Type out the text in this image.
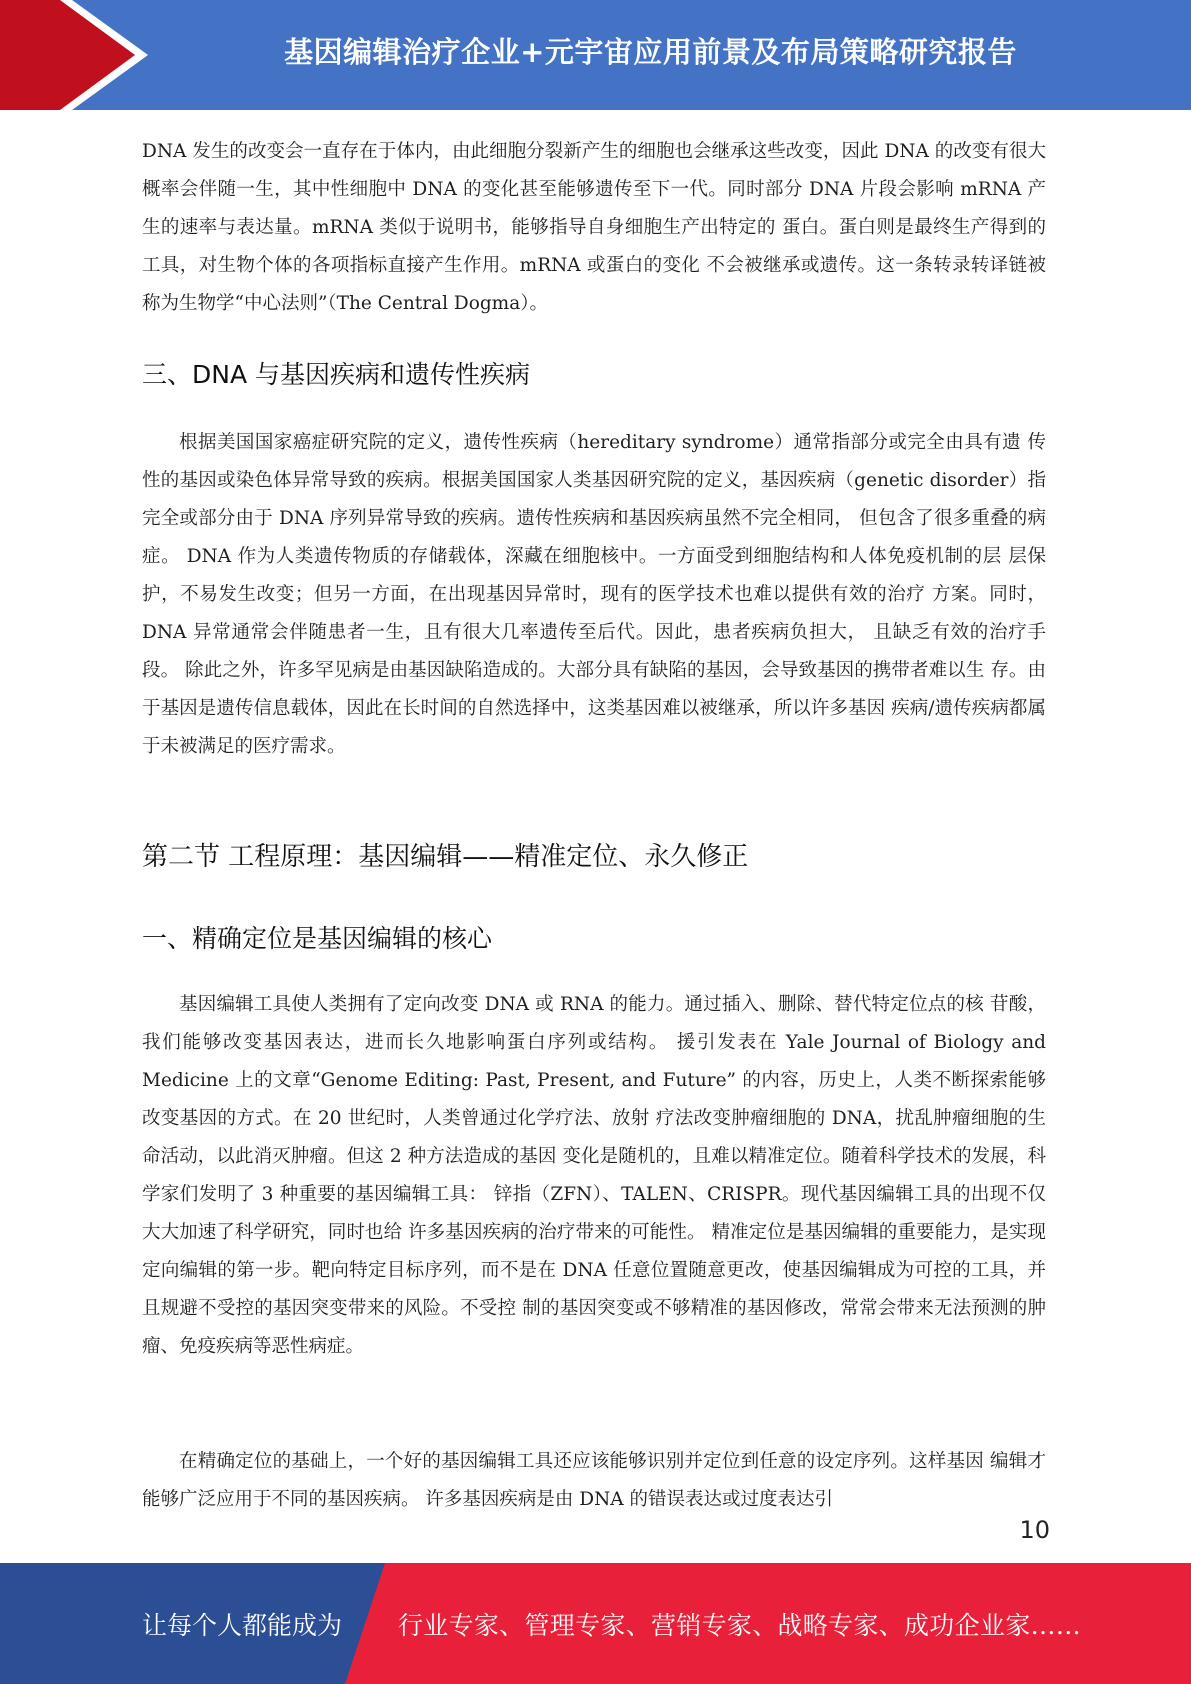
基因编辑治疗企业+元宇宙应用前景及布局策略研究报告

DNA 发生的改变会一直存在于体内，由此细胞分裂新产生的细胞也会继承这些改变，因此 DNA 的改变有很大概率会伴随一生，其中性细胞中 DNA 的变化甚至能够遗传至下一代。同时部分 DNA 片段会影响 mRNA 产生的速率与表达量。mRNA 类似于说明书，能够指导自身细胞生产出特定的 蛋白。蛋白则是最终生产得到的工具，对生物个体的各项指标直接产生作用。mRNA 或蛋白的变化 不会被继承或遗传。这一条转录转译链被称为生物学“中心法则”（The Central Dogma）。

三、DNA 与基因疾病和遗传性疾病

根据美国国家癌症研究院的定义，遗传性疾病（hereditary syndrome）通常指部分或完全由具有遗 传性的基因或染色体异常导致的疾病。根据美国国家人类基因研究院的定义，基因疾病（genetic disorder）指完全或部分由于 DNA 序列异常导致的疾病。遗传性疾病和基因疾病虽然不完全相同， 但包含了很多重叠的病症。 DNA 作为人类遗传物质的存储载体，深藏在细胞核中。一方面受到细胞结构和人体免疫机制的层 层保护，不易发生改变；但另一方面，在出现基因异常时，现有的医学技术也难以提供有效的治疗 方案。同时，DNA 异常通常会伴随患者一生，且有很大几率遗传至后代。因此，患者疾病负担大， 且缺乏有效的治疗手段。 除此之外，许多罕见病是由基因缺陷造成的。大部分具有缺陷的基因，会导致基因的携带者难以生 存。由于基因是遗传信息载体，因此在长时间的自然选择中，这类基因难以被继承，所以许多基因 疾病/遗传疾病都属于未被满足的医疗需求。

第二节 工程原理：基因编辑——精准定位、永久修正
一、精确定位是基因编辑的核心

基因编辑工具使人类拥有了定向改变 DNA 或 RNA 的能力。通过插入、删除、替代特定位点的核 苷酸，我们能够改变基因表达，进而长久地影响蛋白序列或结构。 援引发表在 Yale Journal of Biology and Medicine 上的文章“Genome Editing: Past, Present, and Future” 的内容，历史上，人类不断探索能够改变基因的方式。在 20 世纪时，人类曾通过化学疗法、放射 疗法改变肿瘤细胞的 DNA，扰乱肿瘤细胞的生命活动，以此消灭肿瘤。但这 2 种方法造成的基因 变化是随机的，且难以精准定位。随着科学技术的发展，科学家们发明了 3 种重要的基因编辑工具： 锌指（ZFN）、TALEN、CRISPR。现代基因编辑工具的出现不仅大大加速了科学研究，同时也给 许多基因疾病的治疗带来的可能性。 精准定位是基因编辑的重要能力，是实现定向编辑的第一步。靶向特定目标序列，而不是在 DNA 任意位置随意更改，使基因编辑成为可控的工具，并且规避不受控的基因突变带来的风险。不受控 制的基因突变或不够精准的基因修改，常常会带来无法预测的肿瘤、免疫疾病等恶性病症。

在精确定位的基础上，一个好的基因编辑工具还应该能够识别并定位到任意的设定序列。这样基因 编辑才能够广泛应用于不同的基因疾病。 许多基因疾病是由 DNA 的错误表达或过度表达引

10
让每个人都能成为 行业专家、管理专家、营销专家、战略专家、成功企业家……
